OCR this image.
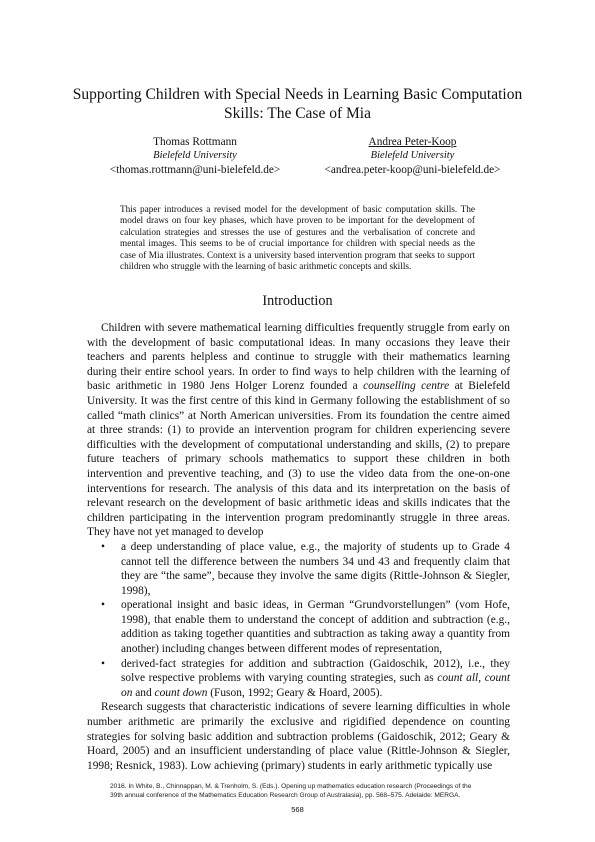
Supporting Children with Special Needs in Learning Basic Computation Skills: The Case of Mia
Thomas Rottmann
Bielefeld University
<thomas.rottmann@uni-bielefeld.de>
Andrea Peter-Koop
Bielefeld University
<andrea.peter-koop@uni-bielefeld.de>

This paper introduces a revised model for the development of basic computation skills. The model draws on four key phases, which have proven to be important for the development of calculation strategies and stresses the use of gestures and the verbalisation of concrete and mental images. This seems to be of crucial importance for children with special needs as the case of Mia illustrates. Context is a university based intervention program that seeks to support children who struggle with the learning of basic arithmetic concepts and skills.

Introduction

Children with severe mathematical learning difficulties frequently struggle from early on with the development of basic computational ideas. In many occasions they leave their teachers and parents helpless and continue to struggle with their mathematics learning during their entire school years. In order to find ways to help children with the learning of basic arithmetic in 1980 Jens Holger Lorenz founded a counselling centre at Bielefeld University. It was the first centre of this kind in Germany following the establishment of so called “math clinics” at North American universities. From its foundation the centre aimed at three strands: (1) to provide an intervention program for children experiencing severe difficulties with the development of computational understanding and skills, (2) to prepare future teachers of primary schools mathematics to support these children in both intervention and preventive teaching, and (3) to use the video data from the one-on-one interventions for research. The analysis of this data and its interpretation on the basis of relevant research on the development of basic arithmetic ideas and skills indicates that the children participating in the intervention program predominantly struggle in three areas. They have not yet managed to develop

• a deep understanding of place value, e.g., the majority of students up to Grade 4 cannot tell the difference between the numbers 34 und 43 and frequently claim that they are “the same”, because they involve the same digits (Rittle-Johnson & Siegler, 1998),
• operational insight and basic ideas, in German “Grundvorstellungen” (vom Hofe, 1998), that enable them to understand the concept of addition and subtraction (e.g., addition as taking together quantities and subtraction as taking away a quantity from another) including changes between different modes of representation,
• derived-fact strategies for addition and subtraction (Gaidoschik, 2012), i.e., they solve respective problems with varying counting strategies, such as count all, count on and count down (Fuson, 1992; Geary & Hoard, 2005).

Research suggests that characteristic indications of severe learning difficulties in whole number arithmetic are primarily the exclusive and rigidified dependence on counting strategies for solving basic addition and subtraction problems (Gaidoschik, 2012; Geary & Hoard, 2005) and an insufficient understanding of place value (Rittle-Johnson & Siegler, 1998; Resnick, 1983). Low achieving (primary) students in early arithmetic typically use

2016. In White, B., Chinnappan, M. & Trenholm, S. (Eds.). Opening up mathematics education research (Proceedings of the
39th annual conference of the Mathematics Education Research Group of Australasia), pp. 568–575. Adelaide: MERGA.
568
